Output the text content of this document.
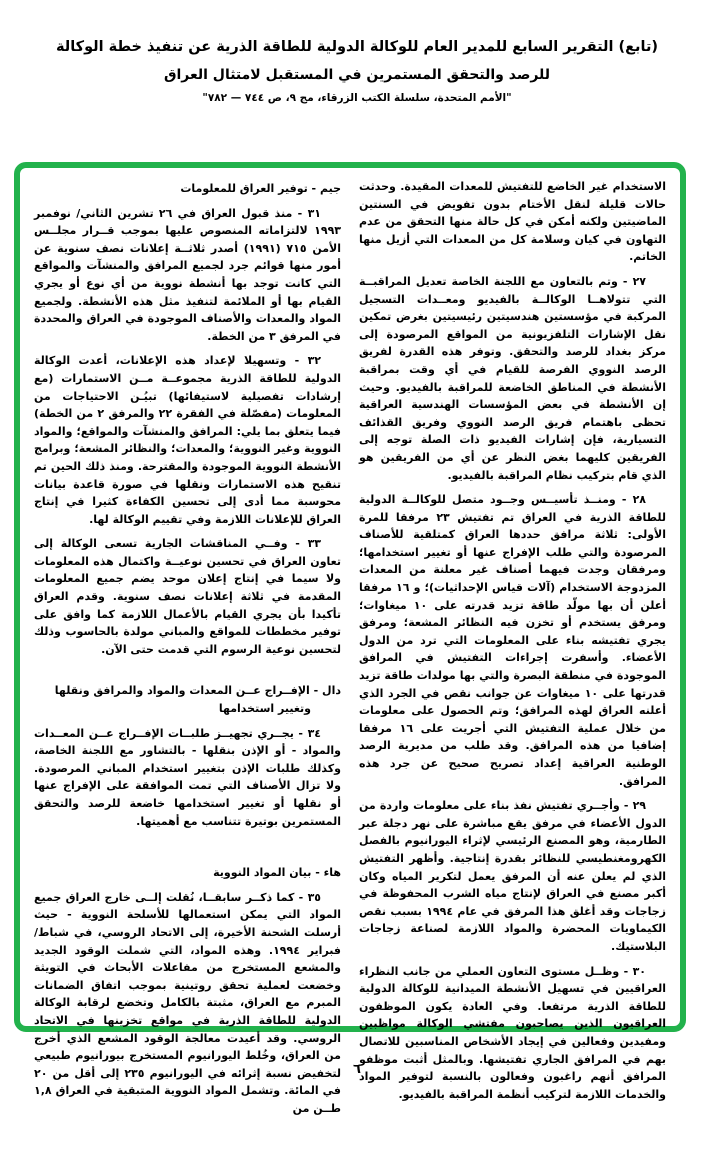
(تابع) التقرير السابع للمدير العام للوكالة الدولية للطاقة الذرية عن تنفيذ خطة الوكالة
للرصد والتحقق المستمرين في المستقبل لامتثال العراق
"الأمم المتحدة، سلسلة الكتب الزرقاء، مج ٩، ص ٧٤٤ — ٧٨٢"

الاستخدام غير الخاضع للتفتيش للمعدات المقيدة. وحدثت حالات قليلة لنقل الأختام بدون تفويض في السنتين الماضيتين ولكنه أمكن في كل حالة منها التحقق من عدم التهاون في كيان وسلامة كل من المعدات التي أزيل منها الخاتم.

٢٧ - وتم بالتعاون مع اللجنة الخاصة تعديل المراقبــة التي تتولاهــا الوكالــة بالفيديو ومعــدات التسجيل المركبة في مؤسستين هندسيتين رئيسيتين بغرض تمكين نقل الإشارات التلفزيونية من المواقع المرصودة إلى مركز بغداد للرصد والتحقق. وتوفر هذه القدرة لفريق الرصد النووي الفرصة للقيام في أي وقت بمراقبة الأنشطة في المناطق الخاضعة للمراقبة بالفيديو. وحيث إن الأنشطة في بعض المؤسسات الهندسية العراقية تحظى باهتمام فريق الرصد النووي وفريق القذائف التسيارية، فإن إشارات الفيديو ذات الصلة توجه إلى الفريقين كليهما بغض النظر عن أي من الفريقين هو الذي قام بتركيب نظام المراقبة بالفيديو.

٢٨ - ومنــذ تأسيــس وجــود متصل للوكالــة الدولية للطاقة الذرية في العراق تم تفتيش ٢٣ مرفقا للمرة الأولى: ثلاثة مرافق حددها العراق كمتلقية للأصناف المرصودة والتي طلب الإفراج عنها أو تغيير استخدامها؛ ومرفقان وجدت فيهما أصناف غير معلنة من المعدات المزدوجة الاستخدام (آلات قياس الإحداثيات)؛ و ١٦ مرفقا أعلن أن بها مولّد طاقة تزيد قدرته على ١٠ ميغاوات؛ ومرفق يستخدم أو تخزن فيه النظائر المشعة؛ ومرفق يجري تفتيشه بناء على المعلومات التي ترد من الدول الأعضاء. وأسفرت إجراءات التفتيش في المرافق الموجودة في منطقة البصرة والتي بها مولدات طاقة تزيد قدرتها على ١٠ ميغاوات عن جوانب نقص في الجرد الذي أعلنه العراق لهذه المرافق؛ وتم الحصول على معلومات من خلال عملية التفتيش التي أجريت على ١٦ مرفقا إضافيا من هذه المرافق. وقد طلب من مديرية الرصد الوطنية العراقية إعداد تصريح صحيح عن جرد هذه المرافق.

٢٩ - وأجــري تفتيش نفذ بناء على معلومات واردة من الدول الأعضاء في مرفق يقع مباشرة على نهر دجلة عبر الطارمية، وهو المصنع الرئيسي لإثراء اليورانيوم بالفصل الكهرومغنطيسي للنظائر بقدرة إنتاجية. وأظهر التفتيش الذي لم يعلن عنه أن المرفق يعمل لتكرير المياه وكان أكبر مصنع في العراق لإنتاج مياه الشرب المحفوظة في زجاجات وقد أغلق هذا المرفق في عام ١٩٩٤ بسبب نقص الكيماويات المحضرة والمواد اللازمة لصناعة زجاجات البلاستيك.

٣٠ - وظــل مستوى التعاون العملي من جانب النظراء العراقيين في تسهيل الأنشطة الميدانية للوكالة الدولية للطاقة الذرية مرتفعا. وفي العادة يكون الموظفون العراقيون الذين يصاحبون مفتشي الوكالة مواظبين ومفيدين وفعالين في إيجاد الأشخاص المناسبين للاتصال بهم في المرافق الجاري تفتيشها. وبالمثل أثبت موظفو المرافق أنهم راغبون وفعالون بالنسبة لتوفير المواد والخدمات اللازمة لتركيب أنظمة المراقبة بالفيديو.

جيم - توفير العراق للمعلومات

٣١ - منذ قبول العراق في ٢٦ تشرين الثاني/ نوفمبر ١٩٩٣ لالتزاماته المنصوص عليها بموجب قــرار مجلــس الأمن ٧١٥ (١٩٩١) أصدر ثلاثــة إعلانات نصف سنوية عن أمور منها قوائم جرد لجميع المرافق والمنشآت والمواقع التي كانت توجد بها أنشطة نووية من أي نوع أو يجري القيام بها أو الملائمة لتنفيذ مثل هذه الأنشطة. ولجميع المواد والمعدات والأصناف الموجودة في العراق والمحددة في المرفق ٣ من الخطة.

٣٢ - وتسهيلا لإعداد هذه الإعلانات، أعدت الوكالة الدولية للطاقة الذرية مجموعــة مــن الاستمارات (مع إرشادات تفصيلية لاستيفائها) تبيُـن الاحتياجات من المعلومات (مفصّلة في الفقرة ٢٢ والمرفق ٢ من الخطة) فيما يتعلق بما يلي: المرافق والمنشآت والمواقع؛ والمواد النووية وغير النووية؛ والمعدات؛ والنظائر المشعة؛ وبرامج الأنشطة النووية الموجودة والمقترحة. ومنذ ذلك الحين تم تنقيح هذه الاستمارات ونقلها في صورة قاعدة بيانات محوسبة مما أدى إلى تحسين الكفاءة كثيرا في إنتاج العراق للإعلانات اللازمة وفي تقييم الوكالة لها.

٣٣ - وفــي المناقشات الجارية تسعى الوكالة إلى تعاون العراق في تحسين نوعيــة واكتمال هذه المعلومات ولا سيما في إنتاج إعلان موحد يضم جميع المعلومات المقدمة في ثلاثة إعلانات نصف سنوية. وقدم العراق تأكيدا بأن يجري القيام بالأعمال اللازمة كما وافق على توفير مخططات للمواقع والمباني مولدة بالحاسوب وذلك لتحسين نوعية الرسوم التي قدمت حتى الآن.

دال - الإفــراج عــن المعدات والمواد والمرافق ونقلها وتغيير استخدامها

٣٤ - يجــري تجهيــز طلبــات الإفــراج عــن المعــدات والمواد - أو الإذن بنقلها - بالتشاور مع اللجنة الخاصة، وكذلك طلبات الإذن بتغيير استخدام المباني المرصودة. ولا تزال الأصناف التي تمت الموافقة على الإفراج عنها أو نقلها أو تغيير استخدامها خاضعة للرصد والتحقق المستمرين بوتيرة تتناسب مع أهميتها.

هاء - بيان المواد النووية

٣٥ - كما ذكــر سابقــا، نُقلت إلــى خارج العراق جميع المواد التي يمكن استعمالها للأسلحة النووية - حيث أرسلت الشحنة الأخيرة، إلى الاتحاد الروسي، في شباط/ فبراير ١٩٩٤. وهذه المواد، التي شملت الوقود الجديد والمشعع المستخرج من مفاعلات الأبحاث في التويثة وخضعت لعملية تحقق روتينية بموجب اتفاق الضمانات المبرم مع العراق، مثبتة بالكامل وتخضع لرقابة الوكالة الدولية للطاقة الذرية في مواقع تخزينها في الاتحاد الروسي. وقد أعيدت معالجة الوقود المشعع الذي أخرج من العراق، وخُلط اليورانيوم المستخرج بيورانيوم طبيعي لتخفيض نسبة إثرائه في اليورانيوم ٢٣٥ إلى أقل من ٢٠ في المائة. وتشمل المواد النووية المتبقية في العراق ١,٨ طــن من

٦
